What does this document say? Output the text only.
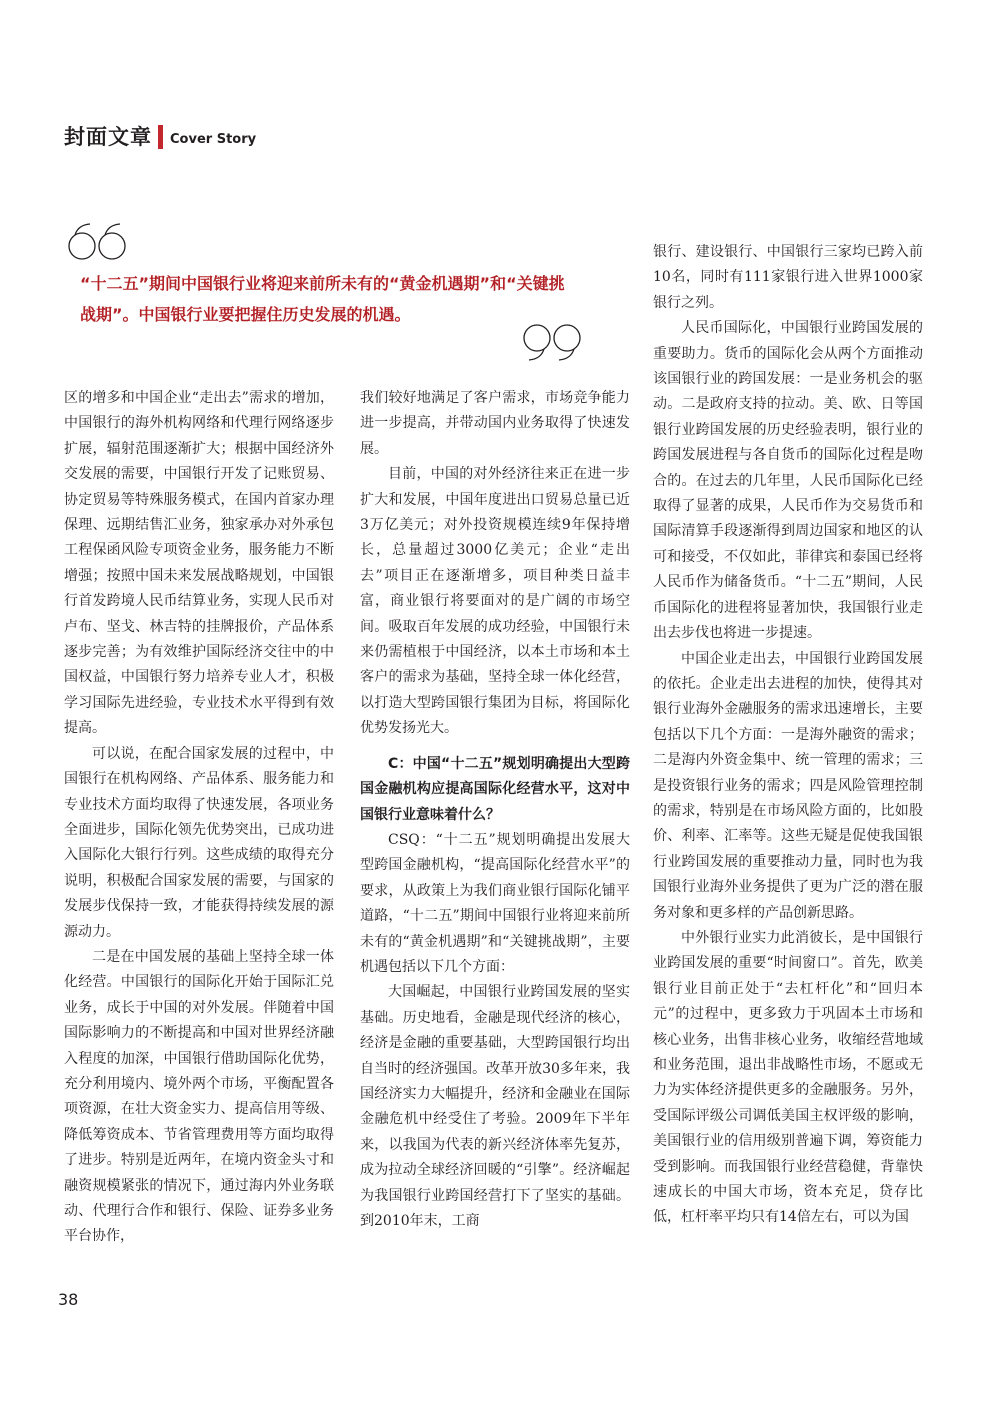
封面文章 Cover Story
“十二五”期间中国银行业将迎来前所未有的“黄金机遇期”和“关键挑战期”。中国银行业要把握住历史发展的机遇。

区的增多和中国企业“走出去”需求的增加，中国银行的海外机构网络和代理行网络逐步扩展，辐射范围逐渐扩大；根据中国经济外交发展的需要，中国银行开发了记账贸易、协定贸易等特殊服务模式，在国内首家办理保理、远期结售汇业务，独家承办对外承包工程保函风险专项资金业务，服务能力不断增强；按照中国未来发展战略规划，中国银行首发跨境人民币结算业务，实现人民币对卢布、坚戈、林吉特的挂牌报价，产品体系逐步完善；为有效维护国际经济交往中的中国权益，中国银行努力培养专业人才，积极学习国际先进经验，专业技术水平得到有效提高。

可以说，在配合国家发展的过程中，中国银行在机构网络、产品体系、服务能力和专业技术方面均取得了快速发展，各项业务全面进步，国际化领先优势突出，已成功进入国际化大银行行列。这些成绩的取得充分说明，积极配合国家发展的需要，与国家的发展步伐保持一致，才能获得持续发展的源源动力。

二是在中国发展的基础上坚持全球一体化经营。中国银行的国际化开始于国际汇兑业务，成长于中国的对外发展。伴随着中国国际影响力的不断提高和中国对世界经济融入程度的加深，中国银行借助国际化优势，充分利用境内、境外两个市场，平衡配置各项资源，在壮大资金实力、提高信用等级、降低筹资成本、节省管理费用等方面均取得了进步。特别是近两年，在境内资金头寸和融资规模紧张的情况下，通过海内外业务联动、代理行合作和银行、保险、证券多业务平台协作，

我们较好地满足了客户需求，市场竞争能力进一步提高，并带动国内业务取得了快速发展。

目前，中国的对外经济往来正在进一步扩大和发展，中国年度进出口贸易总量已近3万亿美元；对外投资规模连续9年保持增长，总量超过3000亿美元；企业“走出去”项目正在逐渐增多，项目种类日益丰富，商业银行将要面对的是广阔的市场空间。吸取百年发展的成功经验，中国银行未来仍需植根于中国经济，以本土市场和本土客户的需求为基础，坚持全球一体化经营，以打造大型跨国银行集团为目标，将国际化优势发扬光大。

C：中国“十二五”规划明确提出大型跨国金融机构应提高国际化经营水平，这对中国银行业意味着什么？

CSQ：“十二五”规划明确提出发展大型跨国金融机构，“提高国际化经营水平”的要求，从政策上为我们商业银行国际化铺平道路，“十二五”期间中国银行业将迎来前所未有的“黄金机遇期”和“关键挑战期”，主要机遇包括以下几个方面：

大国崛起，中国银行业跨国发展的坚实基础。历史地看，金融是现代经济的核心，经济是金融的重要基础，大型跨国银行均出自当时的经济强国。改革开放30多年来，我国经济实力大幅提升，经济和金融业在国际金融危机中经受住了考验。2009年下半年来，以我国为代表的新兴经济体率先复苏，成为拉动全球经济回暖的“引擎”。经济崛起为我国银行业跨国经营打下了坚实的基础。到2010年末，工商

银行、建设银行、中国银行三家均已跨入前10名，同时有111家银行进入世界1000家银行之列。

人民币国际化，中国银行业跨国发展的重要助力。货币的国际化会从两个方面推动该国银行业的跨国发展：一是业务机会的驱动。二是政府支持的拉动。美、欧、日等国银行业跨国发展的历史经验表明，银行业的跨国发展进程与各自货币的国际化过程是吻合的。在过去的几年里，人民币国际化已经取得了显著的成果，人民币作为交易货币和国际清算手段逐渐得到周边国家和地区的认可和接受，不仅如此，菲律宾和泰国已经将人民币作为储备货币。“十二五”期间，人民币国际化的进程将显著加快，我国银行业走出去步伐也将进一步提速。

中国企业走出去，中国银行业跨国发展的依托。企业走出去进程的加快，使得其对银行业海外金融服务的需求迅速增长，主要包括以下几个方面：一是海外融资的需求；二是海内外资金集中、统一管理的需求；三是投资银行业务的需求；四是风险管理控制的需求，特别是在市场风险方面的，比如股价、利率、汇率等。这些无疑是促使我国银行业跨国发展的重要推动力量，同时也为我国银行业海外业务提供了更为广泛的潜在服务对象和更多样的产品创新思路。

中外银行业实力此消彼长，是中国银行业跨国发展的重要“时间窗口”。首先，欧美银行业目前正处于“去杠杆化”和“回归本元”的过程中，更多致力于巩固本土市场和核心业务，出售非核心业务，收缩经营地域和业务范围，退出非战略性市场，不愿或无力为实体经济提供更多的金融服务。另外，受国际评级公司调低美国主权评级的影响，美国银行业的信用级别普遍下调，筹资能力受到影响。而我国银行业经营稳健，背靠快速成长的中国大市场，资本充足，贷存比低，杠杆率平均只有14倍左右，可以为国

38
